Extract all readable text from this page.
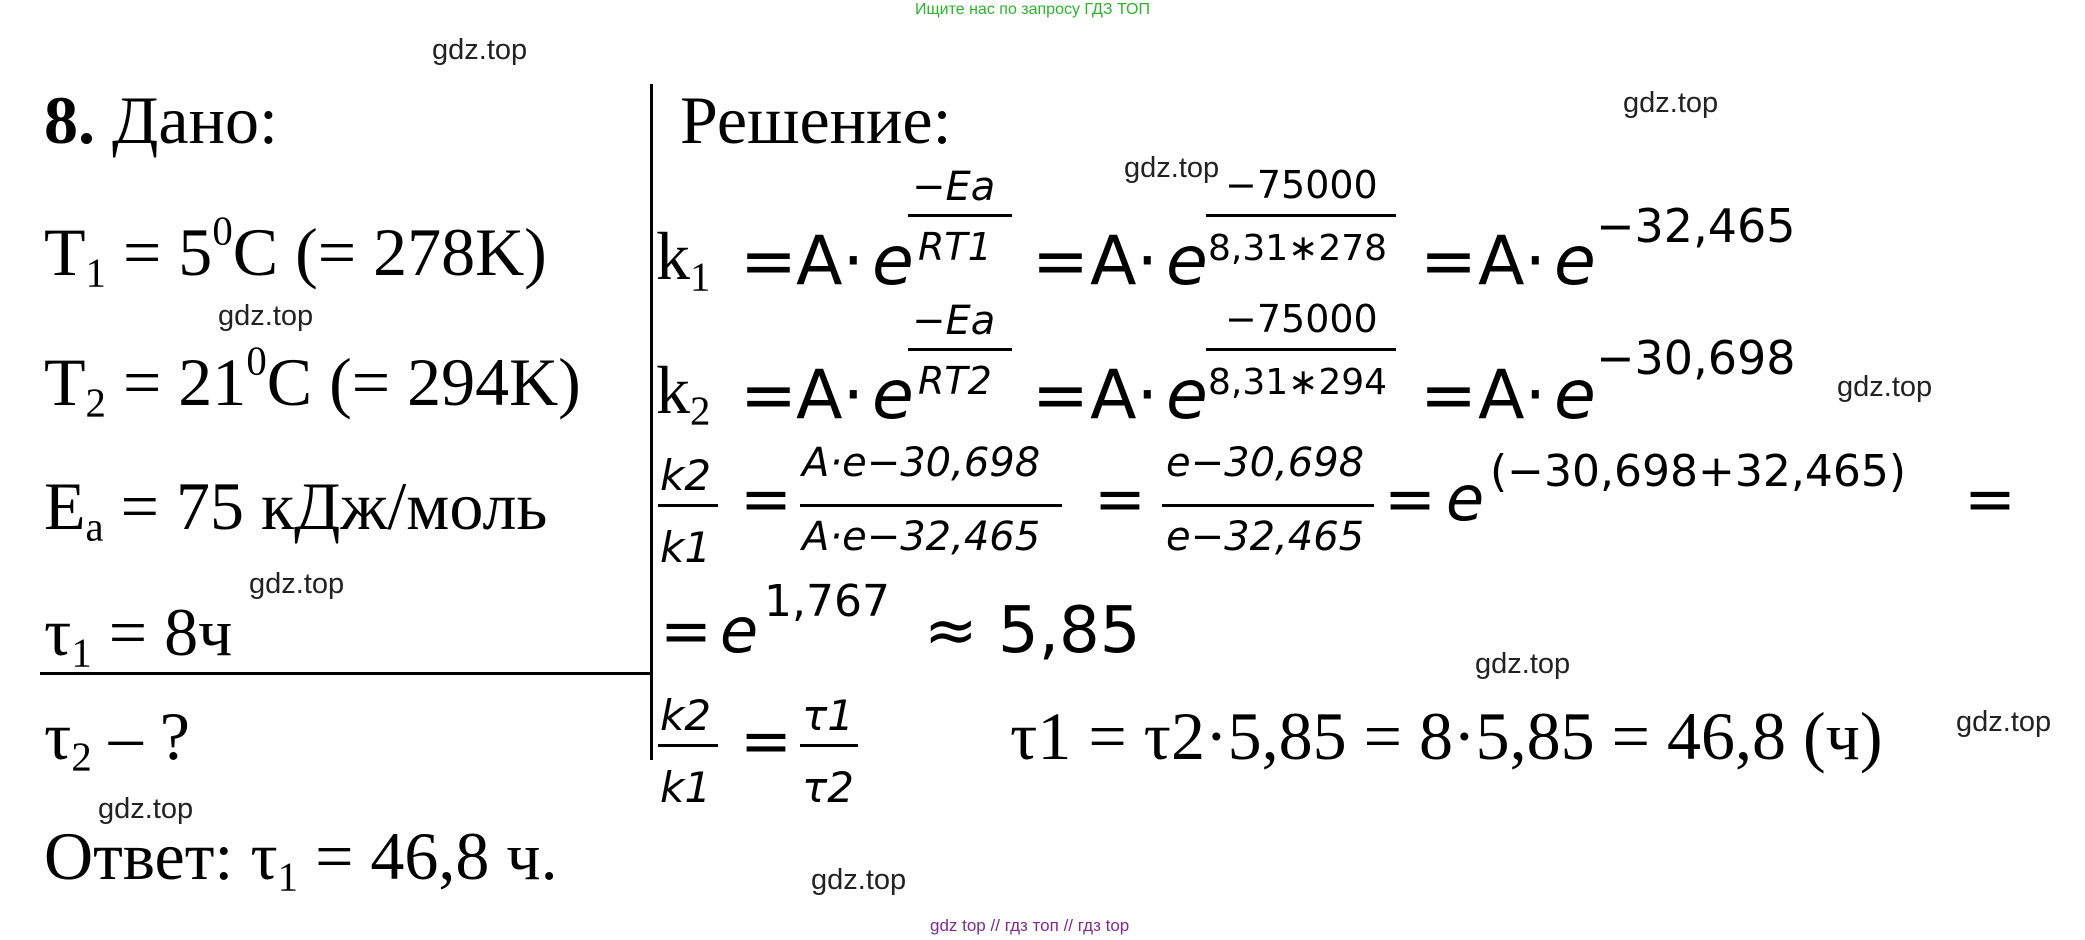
Ищите нас по запросу ГДЗ ТОП
gdz top // гдз топ // гдз top
gdz.top
gdz.top
gdz.top
gdz.top
gdz.top
gdz.top
gdz.top
gdz.top
gdz.top
gdz.top
8. Дано:
$T_1 = 5^0C$ (= 278K)
$T_2 = 21^0C$ (= 294K)
$E_a = 75$ кДж/моль
$\tau_1 = 8ч$
$\tau_2$ – ?
Ответ: $\tau_1 = 46,8$ ч.
Решение:
$k_1 = A\cdot e$
−Ea
RT1 = A· e
−75000
8,31∗278 = A· e −32,465
$k_2 = A\cdot e$
−Ea
RT2 = A· e
−75000
8,31∗294 = A· e −30,698
k2
k1
= A·e−30,698
A·e−32,465
= e−30,698
e−32,465
= e (−30,698+32,465) =
= e 1,767 ≈ 5,85
k2
k1
= τ1
τ2
τ1 = τ2·5,85 = 8·5,85 = 46,8 (ч)
